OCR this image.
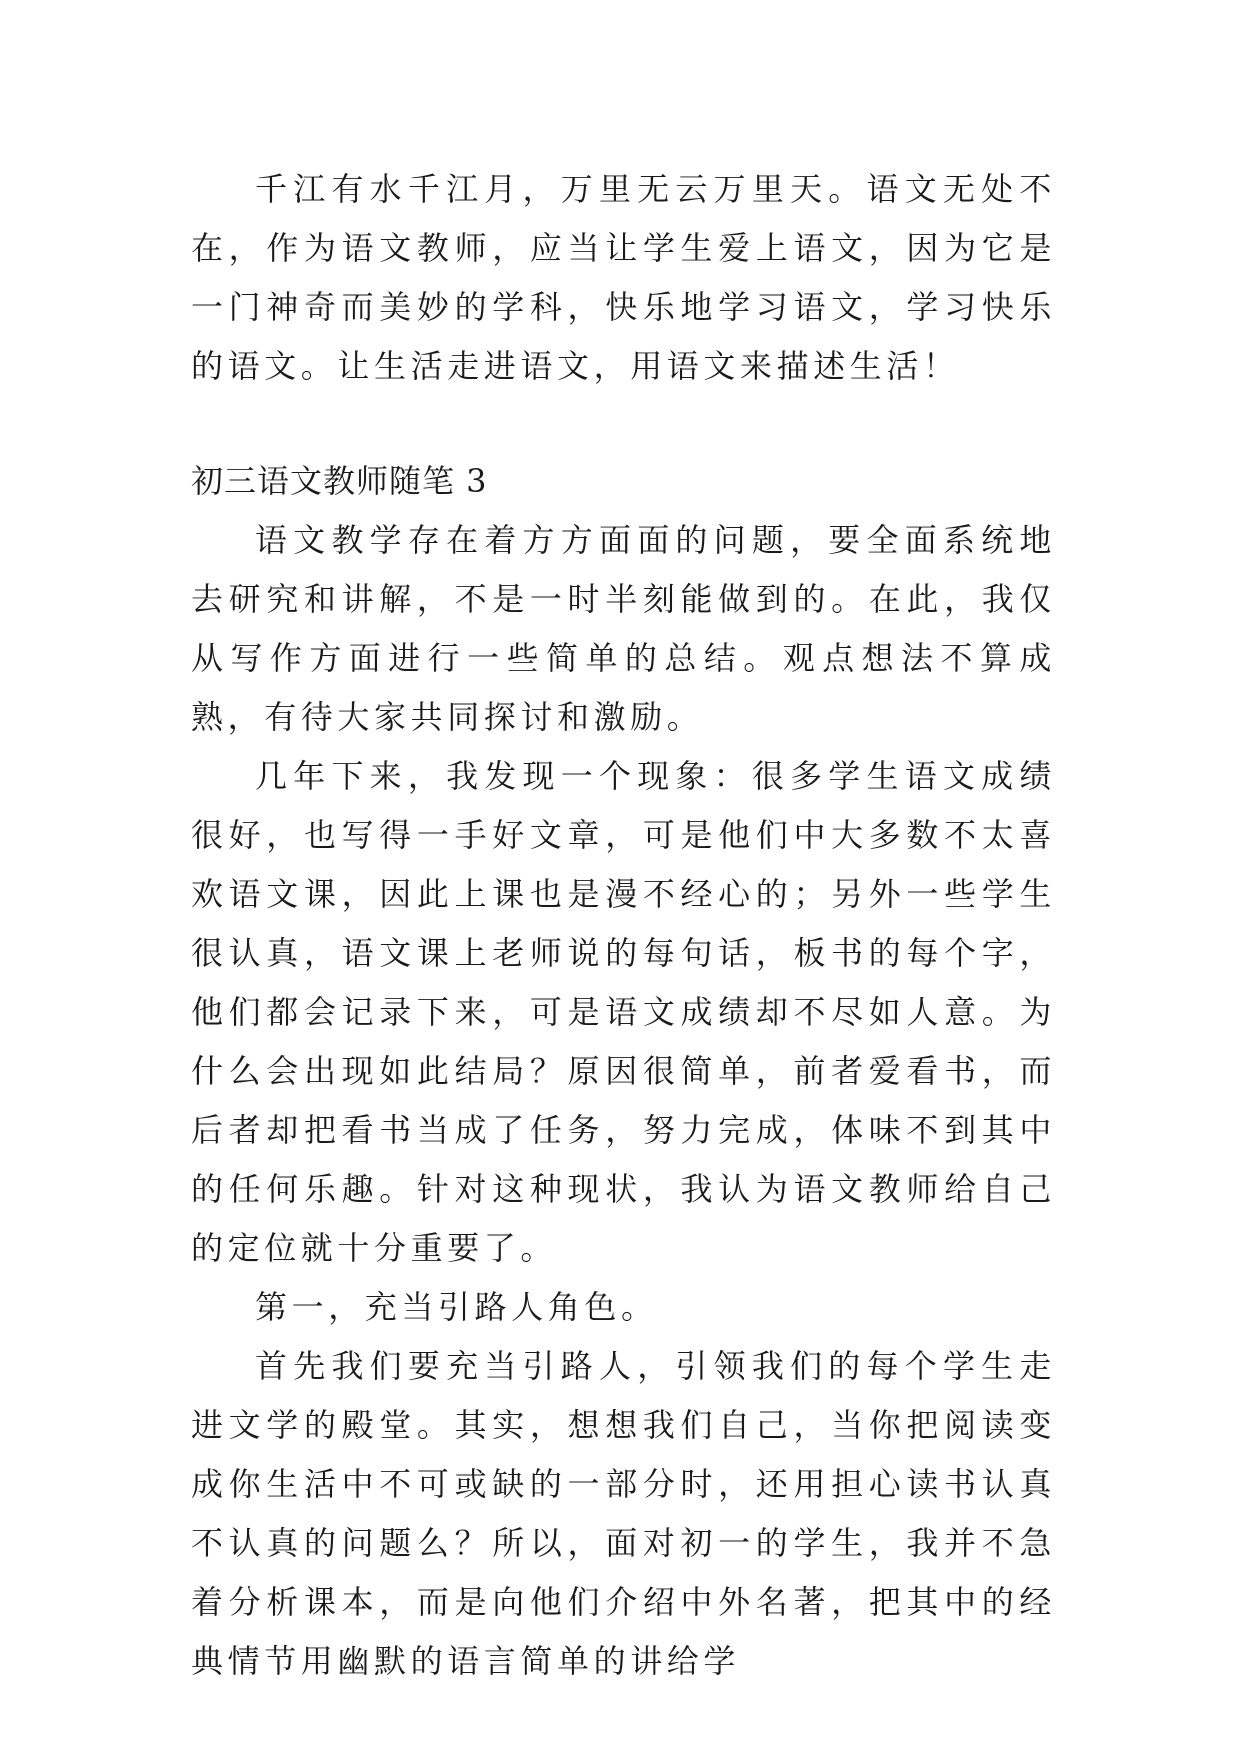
千江有水千江月，万里无云万里天。语文无处不在，作为语文教师，应当让学生爱上语文，因为它是一门神奇而美妙的学科，快乐地学习语文，学习快乐的语文。让生活走进语文，用语文来描述生活！

初三语文教师随笔 3

语文教学存在着方方面面的问题，要全面系统地去研究和讲解，不是一时半刻能做到的。在此，我仅从写作方面进行一些简单的总结。观点想法不算成熟，有待大家共同探讨和激励。

几年下来，我发现一个现象：很多学生语文成绩很好，也写得一手好文章，可是他们中大多数不太喜欢语文课，因此上课也是漫不经心的；另外一些学生很认真，语文课上老师说的每句话，板书的每个字，他们都会记录下来，可是语文成绩却不尽如人意。为什么会出现如此结局？原因很简单，前者爱看书，而后者却把看书当成了任务，努力完成，体味不到其中的任何乐趣。针对这种现状，我认为语文教师给自己的定位就十分重要了。

第一，充当引路人角色。

首先我们要充当引路人，引领我们的每个学生走进文学的殿堂。其实，想想我们自己，当你把阅读变成你生活中不可或缺的一部分时，还用担心读书认真不认真的问题么？所以，面对初一的学生，我并不急着分析课本，而是向他们介绍中外名著，把其中的经典情节用幽默的语言简单的讲给学
